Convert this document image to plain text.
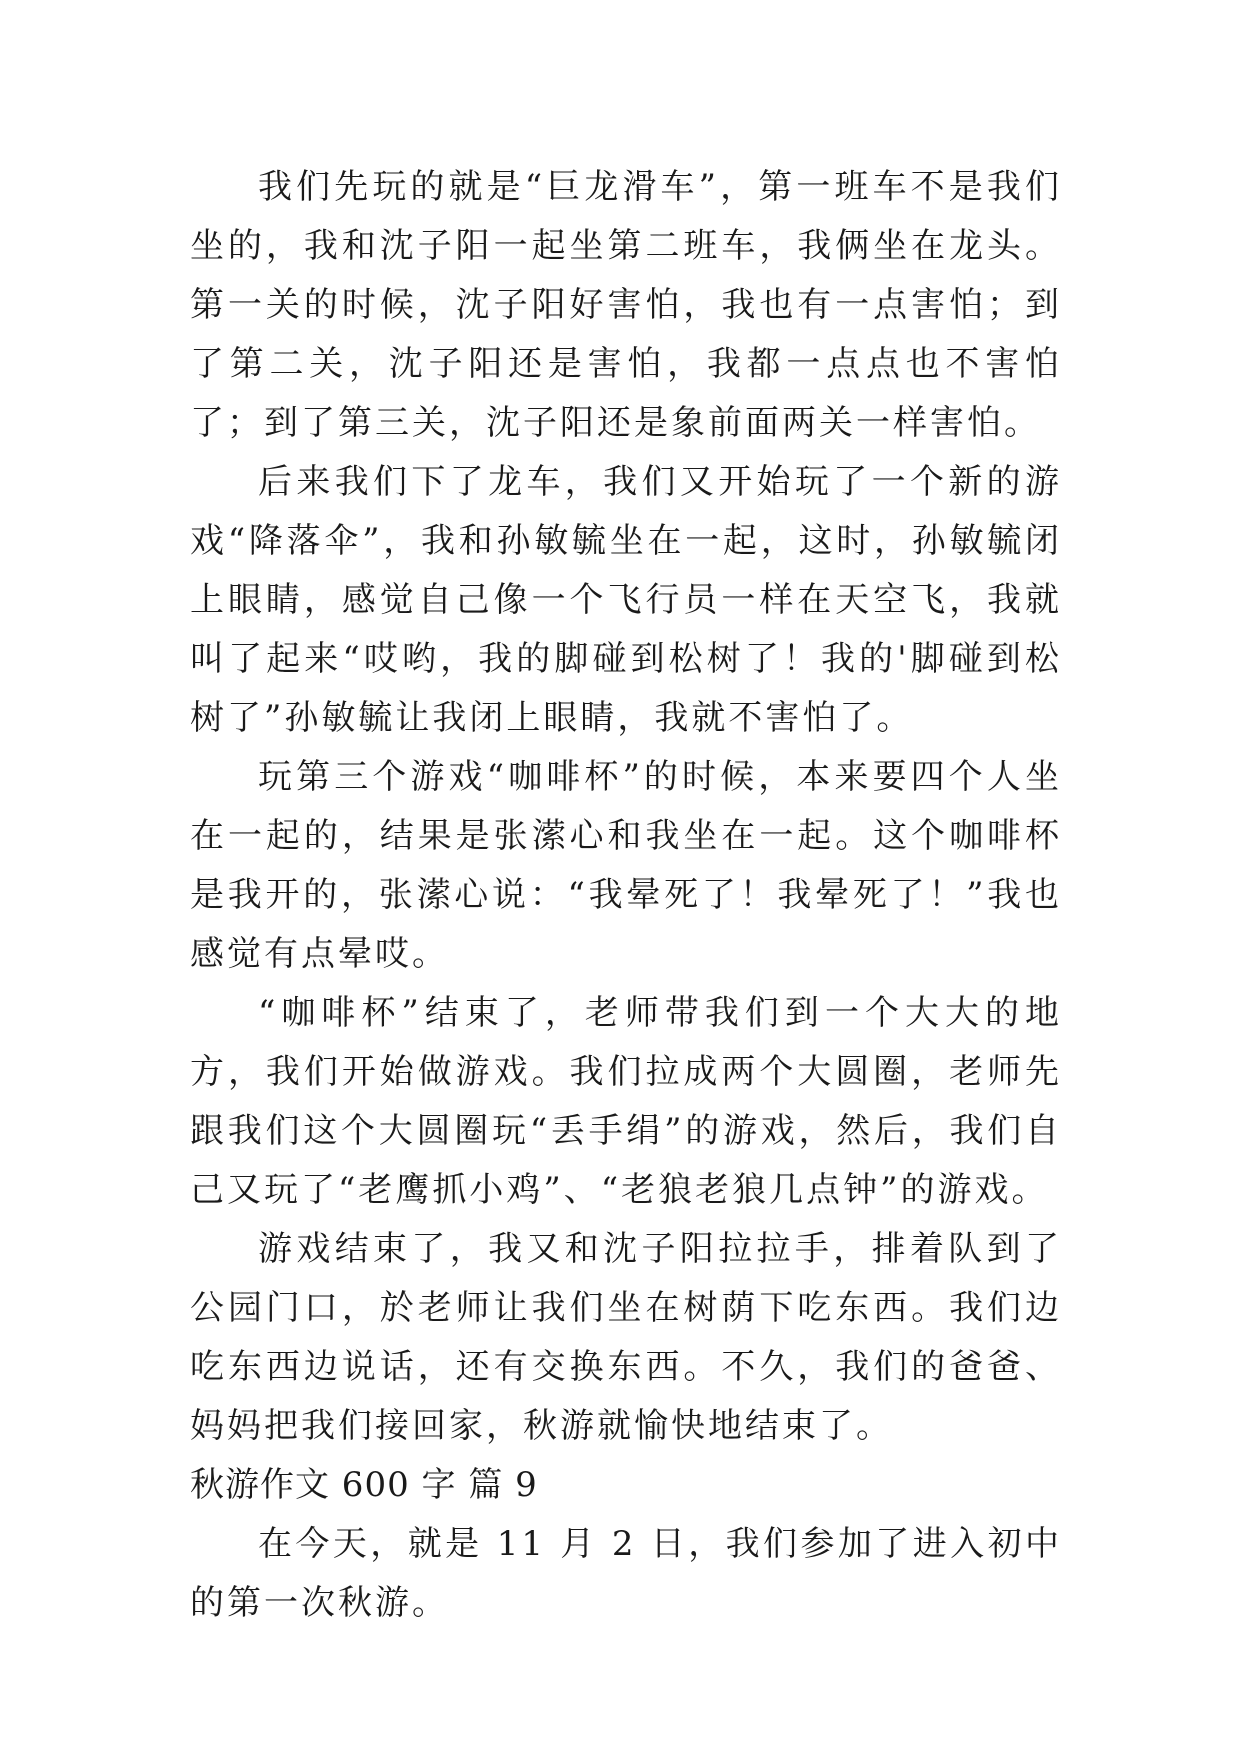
我们先玩的就是“巨龙滑车”，第一班车不是我们坐的，我和沈子阳一起坐第二班车，我俩坐在龙头。第一关的时候，沈子阳好害怕，我也有一点害怕；到了第二关，沈子阳还是害怕，我都一点点也不害怕了；到了第三关，沈子阳还是象前面两关一样害怕。

后来我们下了龙车，我们又开始玩了一个新的游戏“降落伞”，我和孙敏毓坐在一起，这时，孙敏毓闭上眼睛，感觉自己像一个飞行员一样在天空飞，我就叫了起来“哎哟，我的脚碰到松树了！我的'脚碰到松树了”孙敏毓让我闭上眼睛，我就不害怕了。

玩第三个游戏“咖啡杯”的时候，本来要四个人坐在一起的，结果是张潆心和我坐在一起。这个咖啡杯是我开的，张潆心说：“我晕死了！我晕死了！”我也感觉有点晕哎。

“咖啡杯”结束了，老师带我们到一个大大的地方，我们开始做游戏。我们拉成两个大圆圈，老师先跟我们这个大圆圈玩“丢手绢”的游戏，然后，我们自己又玩了“老鹰抓小鸡”、“老狼老狼几点钟”的游戏。

游戏结束了，我又和沈子阳拉拉手，排着队到了公园门口，於老师让我们坐在树荫下吃东西。我们边吃东西边说话，还有交换东西。不久，我们的爸爸、妈妈把我们接回家，秋游就愉快地结束了。

秋游作文 600 字 篇 9

在今天，就是 11 月 2 日，我们参加了进入初中的第一次秋游。
